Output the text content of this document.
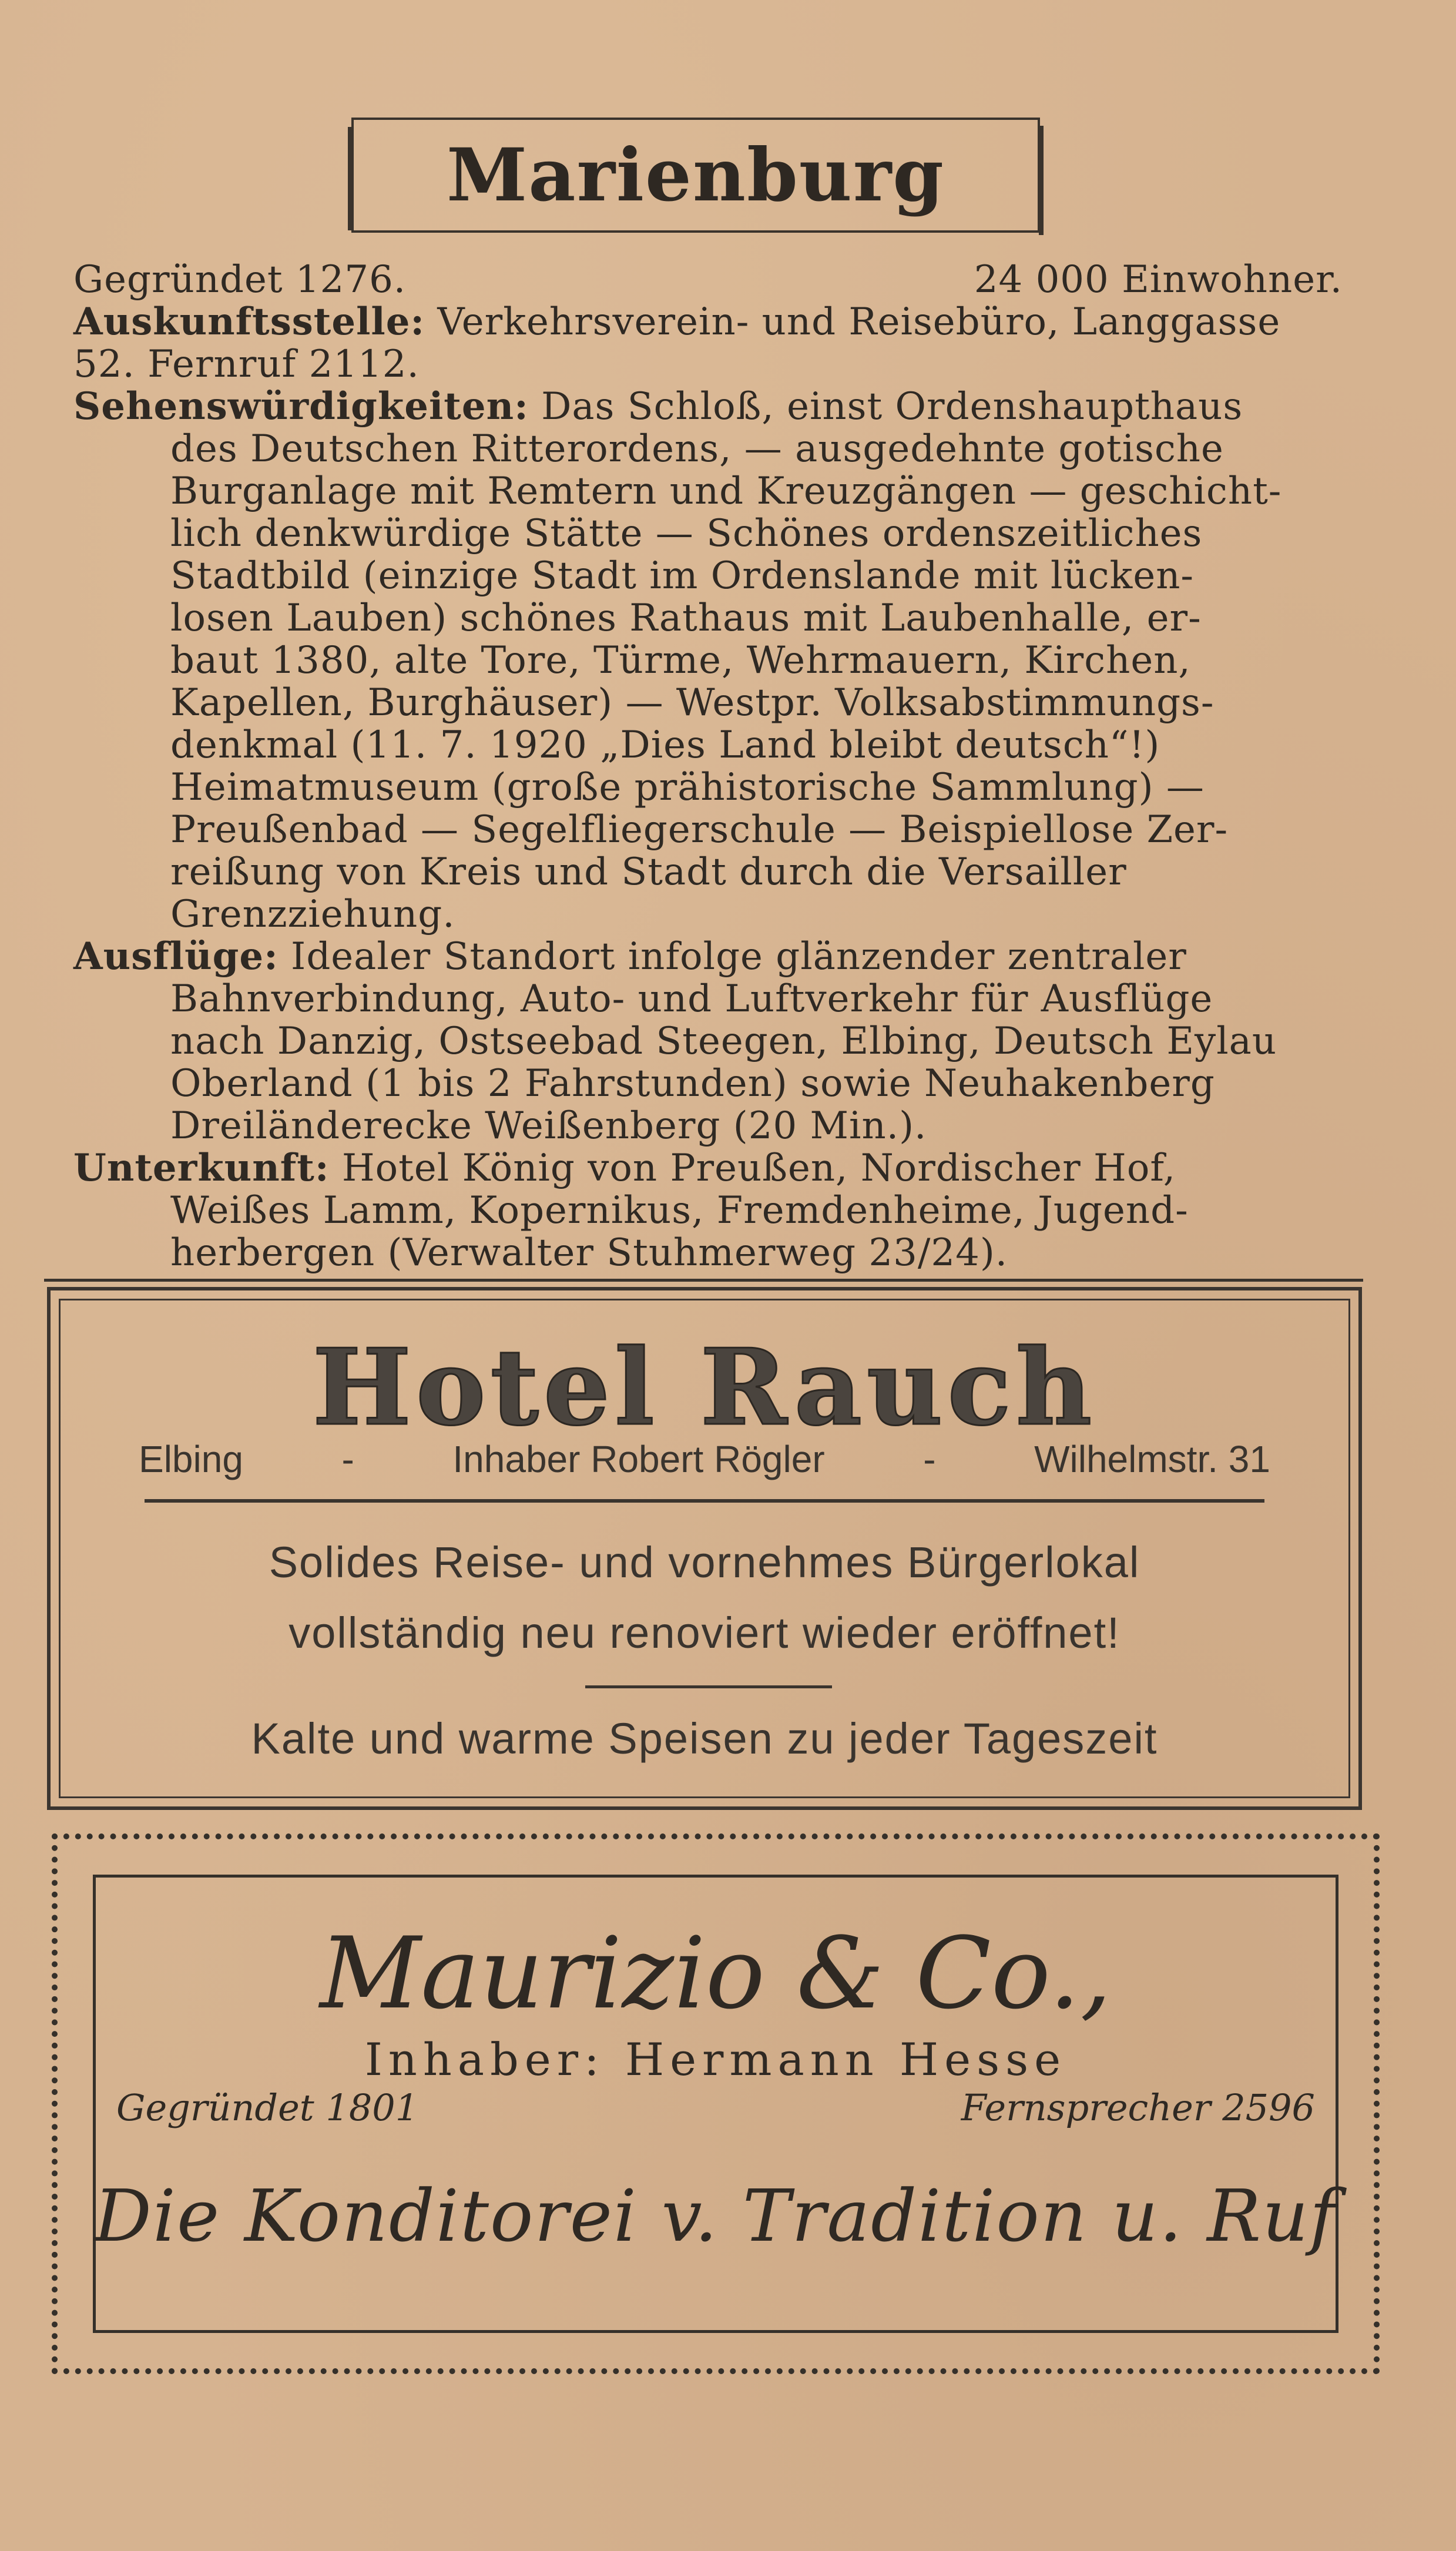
Marienburg
Gegründet 1276.	24 000 Einwohner.
Auskunftsstelle: Verkehrsverein- und Reisebüro, Langgasse
52. Fernruf 2112.
Sehenswürdigkeiten: Das Schloß, einst Ordenshaupthaus
des Deutschen Ritterordens, — ausgedehnte gotische
Burganlage mit Remtern und Kreuzgängen — geschicht-
lich denkwürdige Stätte — Schönes ordenszeitliches
Stadtbild (einzige Stadt im Ordenslande mit lücken-
losen Lauben) schönes Rathaus mit Laubenhalle, er-
baut 1380, alte Tore, Türme, Wehrmauern, Kirchen,
Kapellen, Burghäuser) — Westpr. Volksabstimmungs-
denkmal (11. 7. 1920 „Dies Land bleibt deutsch“!)
Heimatmuseum (große prähistorische Sammlung) —
Preußenbad — Segelfliegerschule — Beispiellose Zer-
reißung von Kreis und Stadt durch die Versailler
Grenzziehung.
Ausflüge: Idealer Standort infolge glänzender zentraler
Bahnverbindung, Auto- und Luftverkehr für Ausflüge
nach Danzig, Ostseebad Steegen, Elbing, Deutsch Eylau
Oberland (1 bis 2 Fahrstunden) sowie Neuhakenberg
Dreiländerecke Weißenberg (20 Min.).
Unterkunft: Hotel König von Preußen, Nordischer Hof,
Weißes Lamm, Kopernikus, Fremdenheime, Jugend-
herbergen (Verwalter Stuhmerweg 23/24).
Hotel Rauch
Elbing	-	Inhaber Robert Rögler	-	Wilhelmstr. 31
Solides Reise- und vornehmes Bürgerlokal
vollständig neu renoviert wieder eröffnet!
Kalte und warme Speisen zu jeder Tageszeit
Maurizio & Co.,
Inhaber: Hermann Hesse
Gegründet 1801	Fernsprecher 2596
Die Konditorei v. Tradition u. Ruf
